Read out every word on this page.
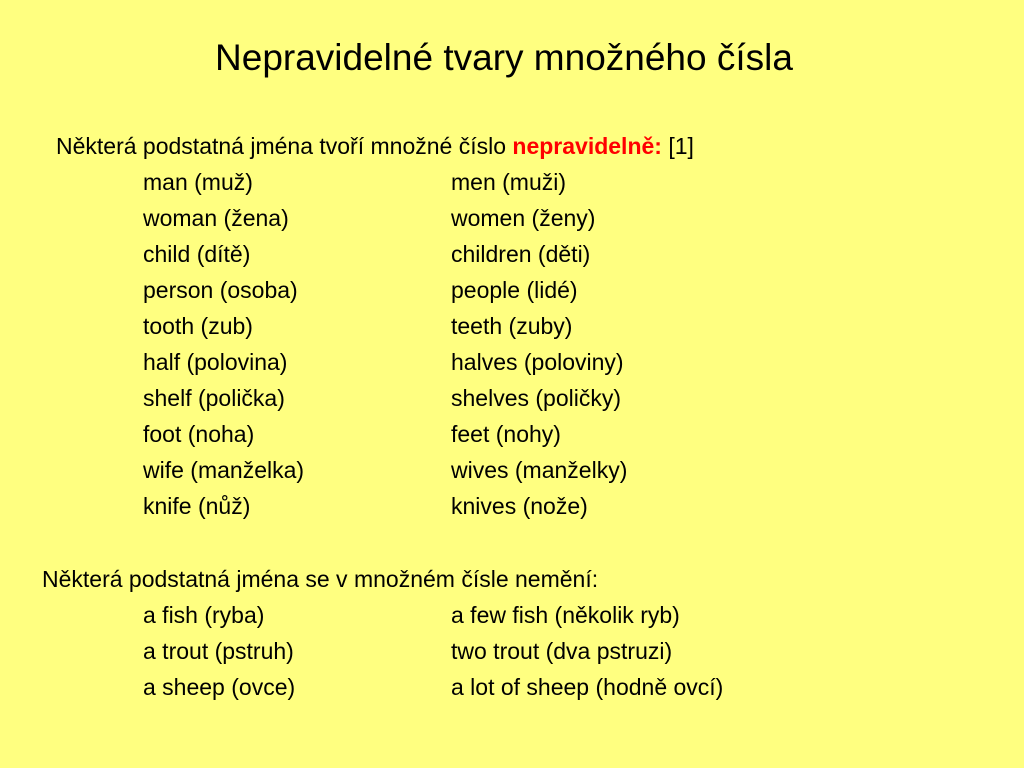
Nepravidelné tvary množného čísla
Některá podstatná jména tvoří množné číslo nepravidelně: [1]
man (muž)	men (muži)
woman (žena)	women (ženy)
child (dítě)	children (děti)
person (osoba)	people (lidé)
tooth (zub)	teeth (zuby)
half (polovina)	halves (poloviny)
shelf (polička)	shelves (poličky)
foot (noha)	feet (nohy)
wife (manželka)	wives (manželky)
knife (nůž)	knives (nože)
Některá podstatná jména se v množném čísle nemění:
a fish (ryba)	a few fish (několik ryb)
a trout (pstruh)	two trout (dva pstruzi)
a sheep (ovce)	a lot of sheep (hodně ovcí)
